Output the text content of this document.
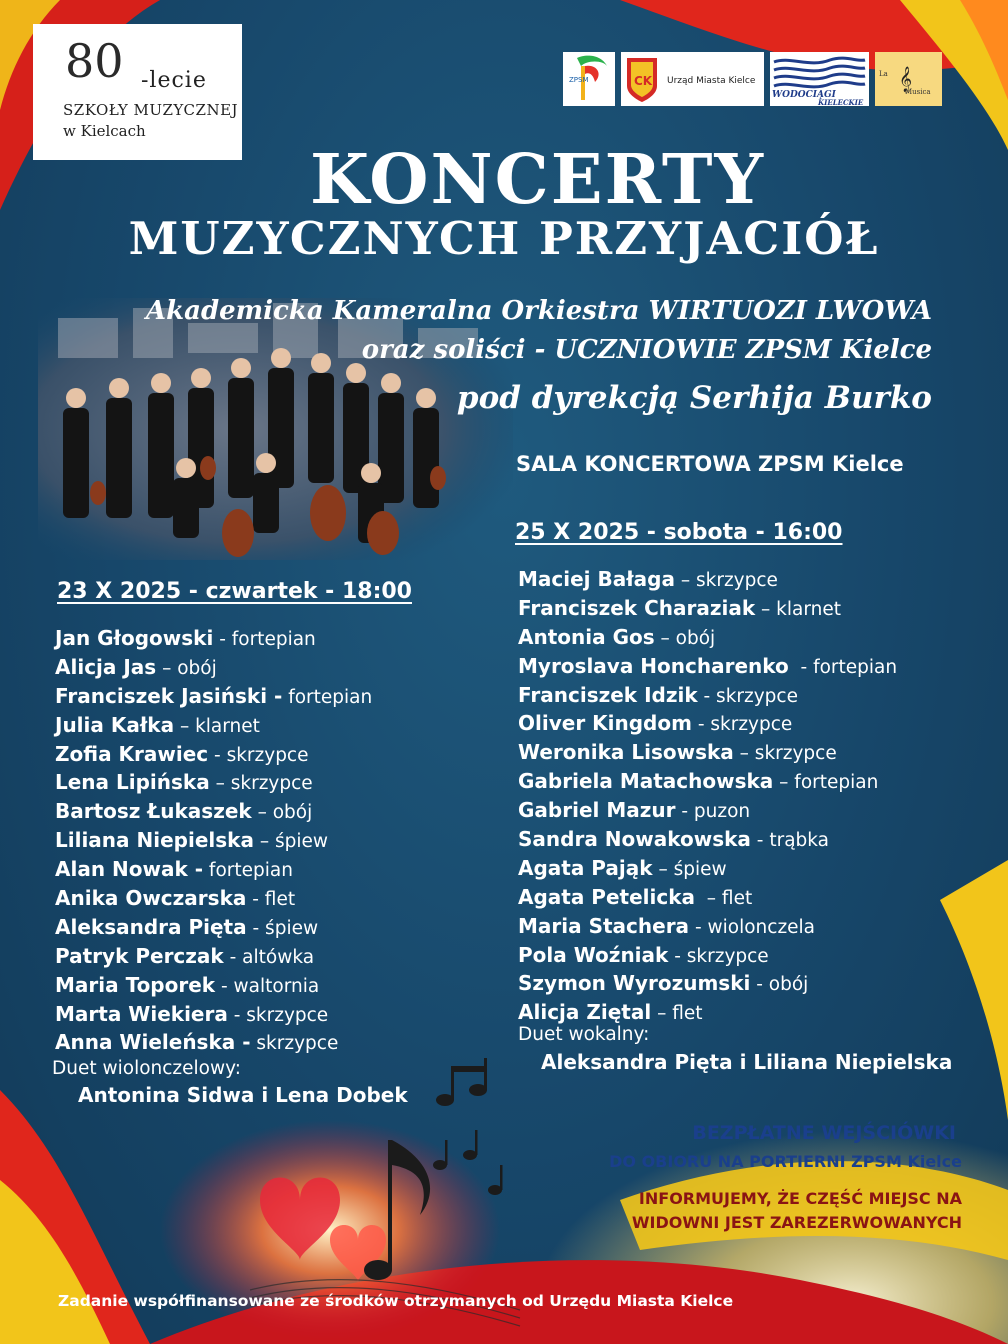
80 -lecie
SZKOŁY MUZYCZNEJ
w Kielcach
ZPSM	CK Urząd Miasta Kielce
WODOCIĄGI
KIELECKIE
La 𝄞
Musica
KONCERTY
MUZYCZNYCH PRZYJACIÓŁ
Akademicka Kameralna Orkiestra WIRTUOZI LWOWA
oraz soliści - UCZNIOWIE ZPSM Kielce
pod dyrekcją Serhija Burko
SALA KONCERTOWA ZPSM Kielce
23 X 2025 - czwartek - 18:00
Jan Głogowski - fortepian
Alicja Jas – obój
Franciszek Jasiński - fortepian
Julia Kałka – klarnet
Zofia Krawiec - skrzypce
Lena Lipińska – skrzypce
Bartosz Łukaszek – obój
Liliana Niepielska – śpiew
Alan Nowak - fortepian
Anika Owczarska - flet
Aleksandra Pięta - śpiew
Patryk Perczak - altówka
Maria Toporek - waltornia
Marta Wiekiera - skrzypce
Anna Wieleńska - skrzypce
Duet wiolonczelowy:
Antonina Sidwa i Lena Dobek
25 X 2025 - sobota - 16:00
Maciej Bałaga – skrzypce
Franciszek Charaziak – klarnet
Antonia Gos – obój
Myroslava Honcharenko  - fortepian
Franciszek Idzik - skrzypce
Oliver Kingdom - skrzypce
Weronika Lisowska – skrzypce
Gabriela Matachowska – fortepian
Gabriel Mazur - puzon
Sandra Nowakowska - trąbka
Agata Pająk – śpiew
Agata Petelicka  – flet
Maria Stachera - wiolonczela
Pola Woźniak - skrzypce
Szymon Wyrozumski - obój
Alicja Ziętal – flet
Duet wokalny:
Aleksandra Pięta i Liliana Niepielska
BEZPŁATNE WEJŚCIÓWKI
DO OBIORU NA PORTIERNI ZPSM Kielce
INFORMUJEMY, ŻE CZĘŚĆ MIEJSC NA
WIDOWNI JEST ZAREZERWOWANYCH
Zadanie współfinansowane ze środków otrzymanych od Urzędu Miasta Kielce
